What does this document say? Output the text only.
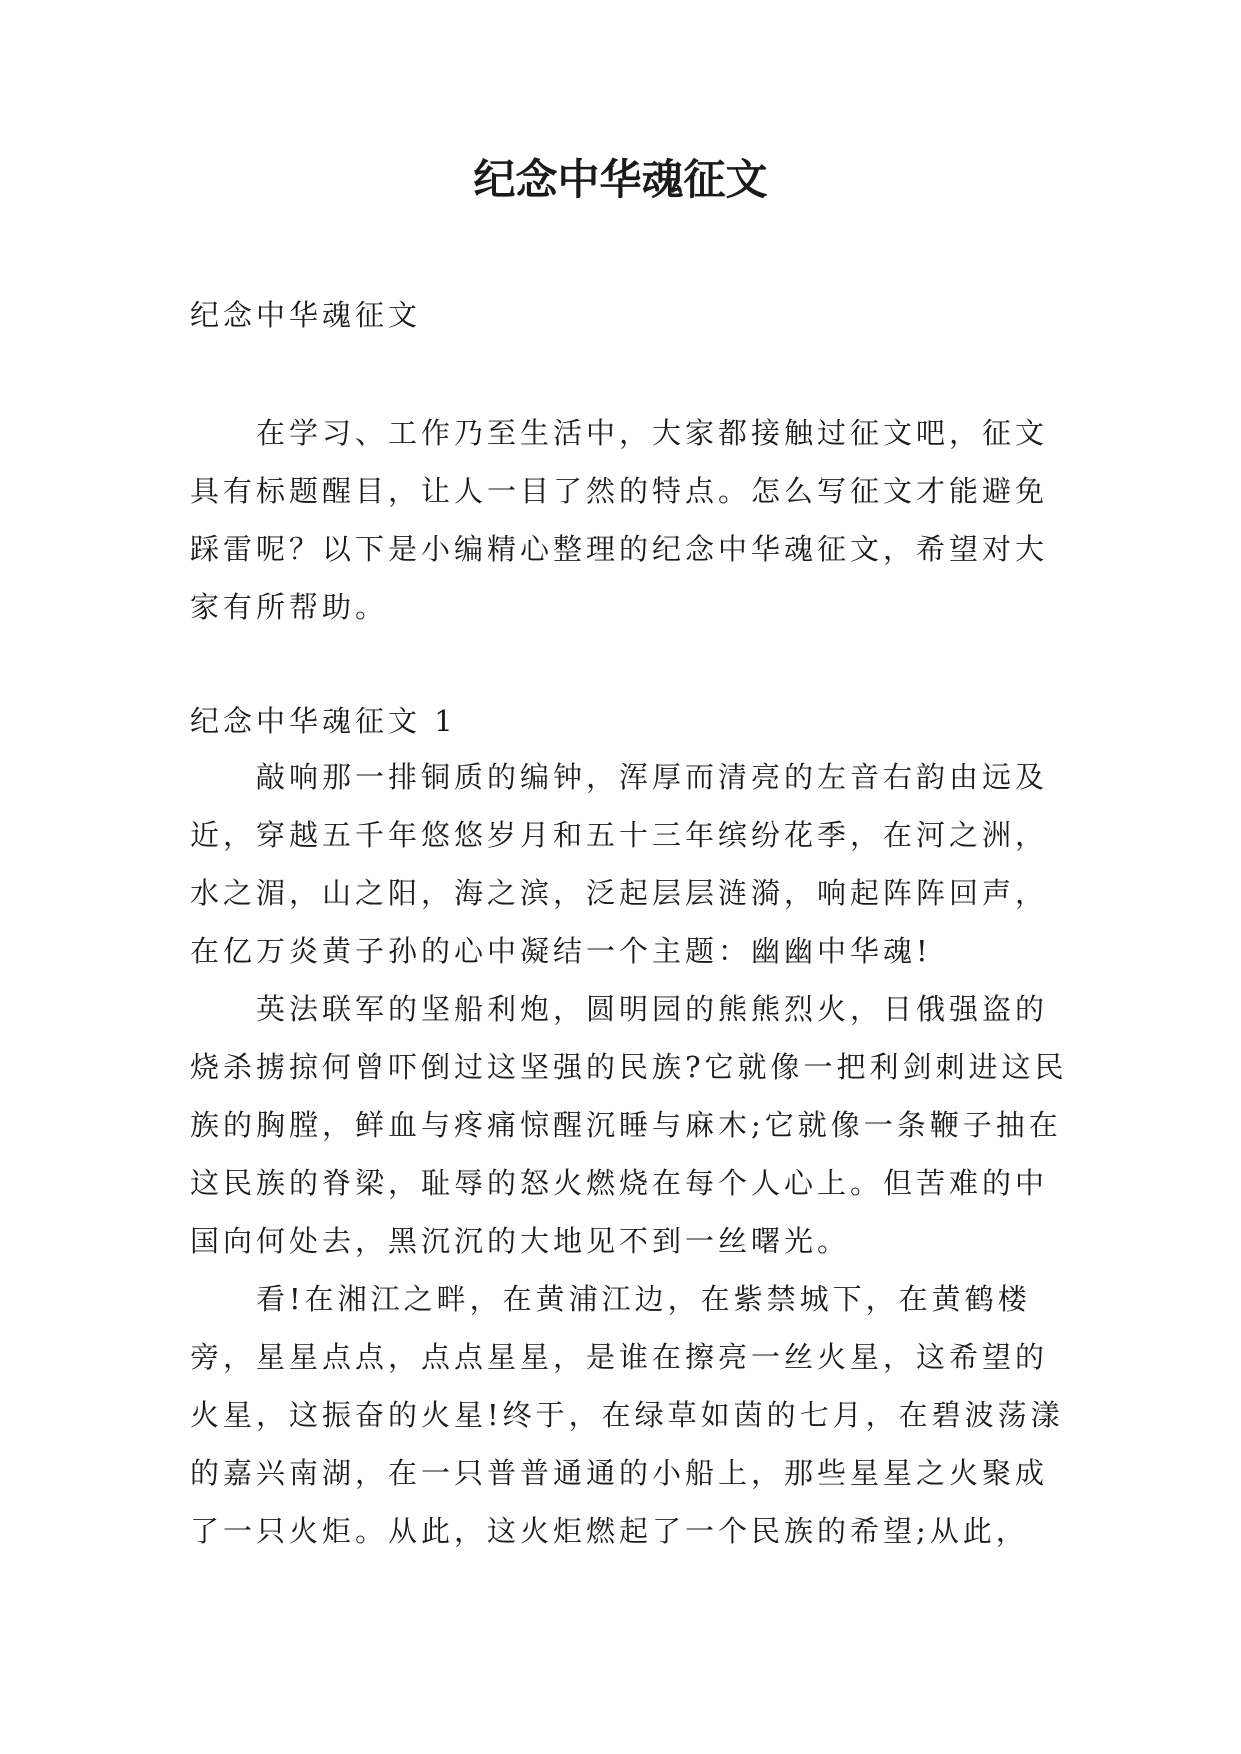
纪念中华魂征文

纪念中华魂征文

在学习、工作乃至生活中，大家都接触过征文吧，征文具有标题醒目，让人一目了然的特点。怎么写征文才能避免踩雷呢？以下是小编精心整理的纪念中华魂征文，希望对大家有所帮助。

纪念中华魂征文 1

敲响那一排铜质的编钟，浑厚而清亮的左音右韵由远及近，穿越五千年悠悠岁月和五十三年缤纷花季，在河之洲，水之湄，山之阳，海之滨，泛起层层涟漪，响起阵阵回声，在亿万炎黄子孙的心中凝结一个主题：幽幽中华魂!

英法联军的坚船利炮，圆明园的熊熊烈火，日俄强盗的烧杀掳掠何曾吓倒过这坚强的民族?它就像一把利剑刺进这民族的胸膛，鲜血与疼痛惊醒沉睡与麻木;它就像一条鞭子抽在这民族的脊梁，耻辱的怒火燃烧在每个人心上。但苦难的中国向何处去，黑沉沉的大地见不到一丝曙光。

看!在湘江之畔，在黄浦江边，在紫禁城下，在黄鹤楼旁，星星点点，点点星星，是谁在擦亮一丝火星，这希望的火星，这振奋的火星!终于，在绿草如茵的七月，在碧波荡漾的嘉兴南湖，在一只普普通通的小船上，那些星星之火聚成了一只火炬。从此，这火炬燃起了一个民族的希望;从此，
